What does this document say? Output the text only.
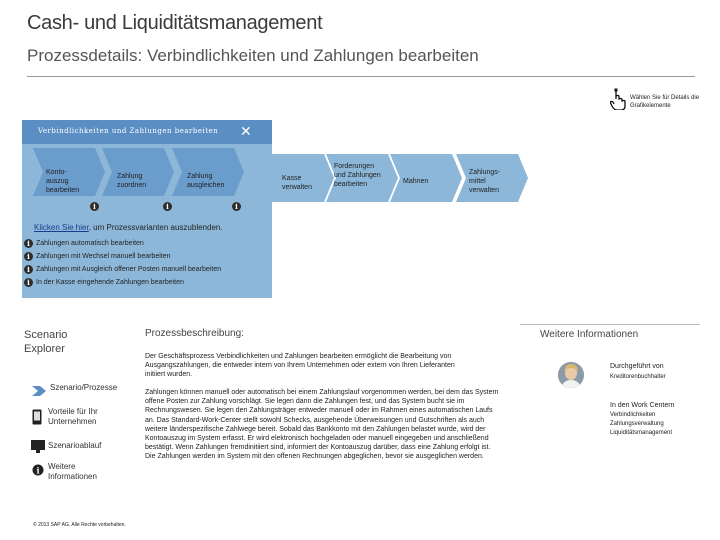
Cash- und Liquiditätsmanagement
Prozessdetails: Verbindlichkeiten und Zahlungen bearbeiten
Wählen Sie für Details die Grafikelemente
Verbindlichkeiten und Zahlungen bearbeiten ✕
Konto- auszug bearbeiten
i
Zahlung zuordnen
i
Zahlung ausgleichen
i
Kasse verwalten
Forderungen und Zahlungen bearbeiten	Mahnen
Zahlungs- mittel verwalten
Klicken Sie hier, um Prozessvarianten auszublenden.
i Zahlungen automatisch bearbeiten
i Zahlungen mit Wechsel manuell bearbeiten
i Zahlungen mit Ausgleich offener Posten manuell bearbeiten
i In der Kasse eingehende Zahlungen bearbeiten
Scenario
Explorer
Szenario/Prozesse
Vorteile für Ihr Unternehmen
Szenarioablauf
i Weitere Informationen
© 2013 SAP AG. Alle Rechte vorbehalten.
Prozessbeschreibung:
Der Geschäftsprozess Verbindlichkeiten und Zahlungen bearbeiten ermöglicht die Bearbeitung von Ausgangszahlungen, die entweder intern von Ihrem Unternehmen oder extern von Ihren Lieferanten initiiert wurden.
Zahlungen können manuell oder automatisch bei einem Zahlungslauf vorgenommen werden, bei dem das System offene Posten zur Zahlung vorschlägt. Sie legen dann die Zahlungen fest, und das System bucht sie im Rechnungswesen. Sie legen den Zahlungsträger entweder manuell oder im Rahmen eines automatischen Laufs an. Das Standard-Work-Center stellt sowohl Schecks, ausgehende Überweisungen und Gutschriften als auch weitere länderspezifische Zahlwege bereit. Sobald das Bankkonto mit den Zahlungen belastet wurde, wird der Kontoauszug im System erfasst. Er wird elektronisch hochgeladen oder manuell eingegeben und anschließend bestätigt. Wenn Zahlungen fremdinitiiert sind, informiert der Kontoauszug darüber, dass eine Zahlung erfolgt ist. Die Zahlungen werden im System mit den offenen Rechnungen abgeglichen, bevor sie ausgeglichen werden.
Weitere Informationen
Durchgeführt von
Kreditorenbuchhalter
In den Work Centern
Verbindlichkeiten
Zahlungsverwaltung
Liquiditätsmanagement
